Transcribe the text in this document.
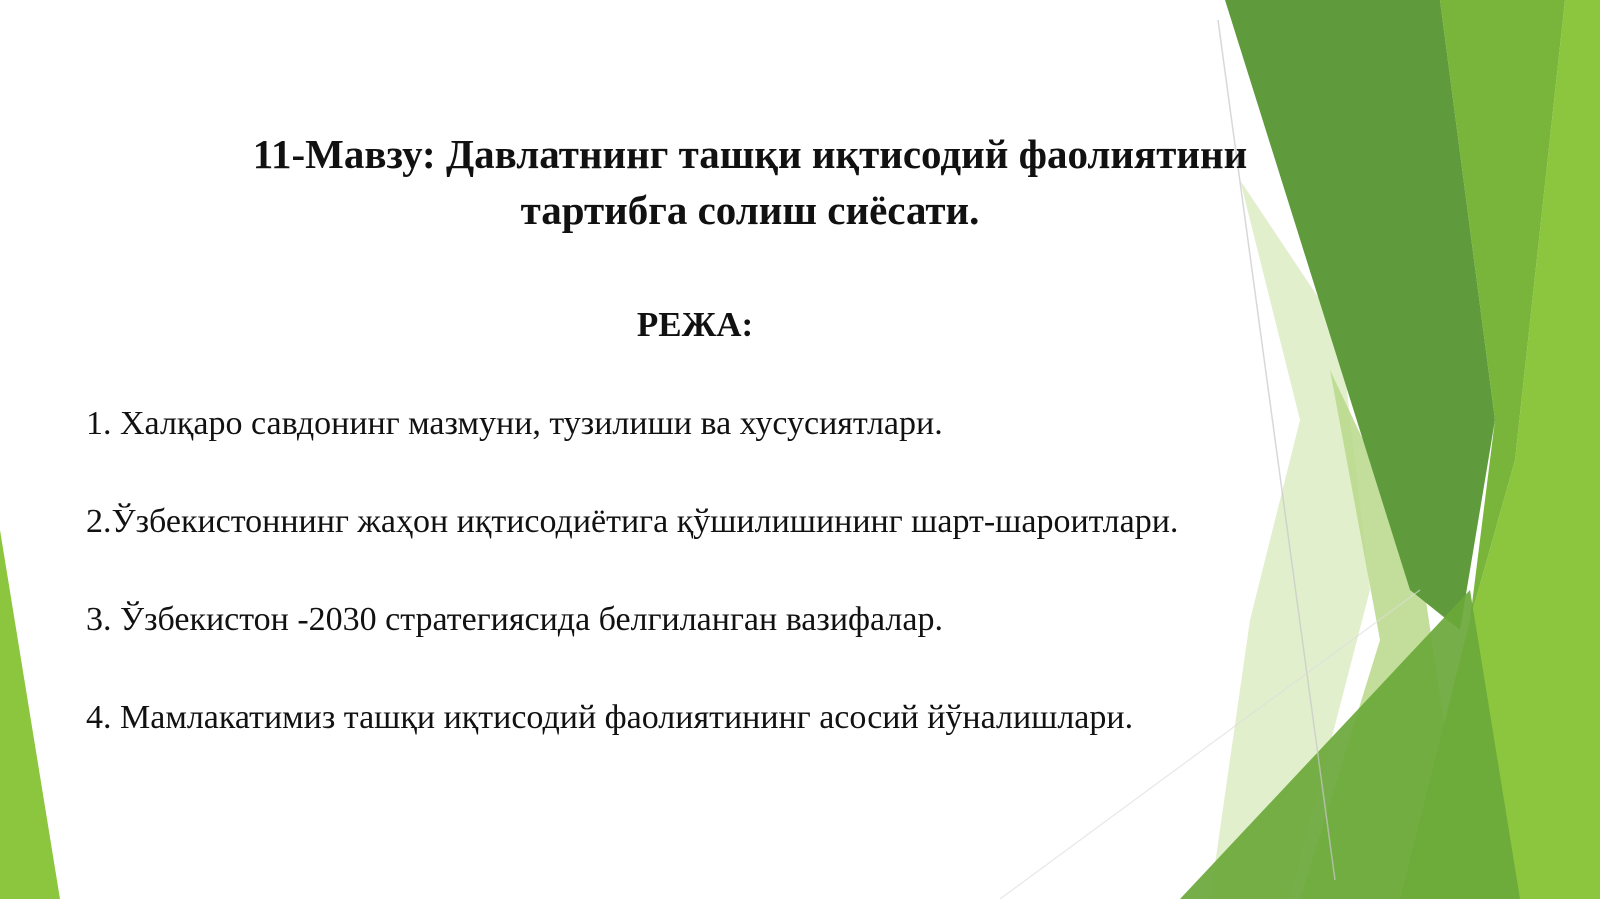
11-Мавзу: Давлатнинг ташқи иқтисодий фаолиятини
тартибга солиш сиёсати.
РЕЖА:
1. Халқаро савдонинг мазмуни, тузилиши ва хусусиятлари.
2.Ўзбекистоннинг жаҳон иқтисодиётига қўшилишининг шарт-шароитлари.
3. Ўзбекистон -2030 стратегиясида белгиланган вазифалар.
4. Мамлакатимиз ташқи иқтисодий фаолиятининг асосий йўналишлари.
